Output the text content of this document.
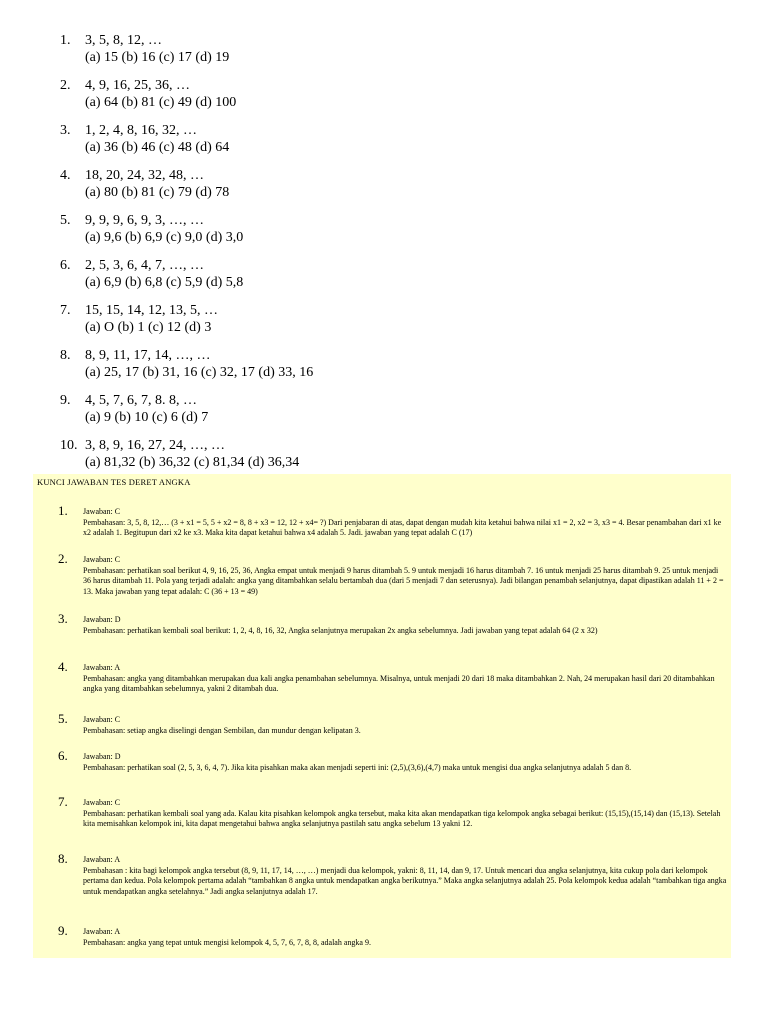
1.	3, 5, 8, 12, …
(a) 15 (b) 16 (c) 17 (d) 19
2.	4, 9, 16, 25, 36, …
(a) 64 (b) 81 (c) 49 (d) 100
3.	1, 2, 4, 8, 16, 32, …
(a) 36 (b) 46 (c) 48 (d) 64
4.	18, 20, 24, 32, 48, …
(a) 80 (b) 81 (c) 79 (d) 78
5.	9, 9, 9, 6, 9, 3, …, …
(a) 9,6 (b) 6,9 (c) 9,0 (d) 3,0
6.	2, 5, 3, 6, 4, 7, …, …
(a) 6,9 (b) 6,8 (c) 5,9 (d) 5,8
7.	15, 15, 14, 12, 13, 5, …
(a) O (b) 1 (c) 12 (d) 3
8.	8, 9, 11, 17, 14, …, …
(a) 25, 17 (b) 31, 16 (c) 32, 17 (d) 33, 16
9.	4, 5, 7, 6, 7, 8. 8, …
(a) 9 (b) 10 (c) 6 (d) 7
10. 3, 8, 9, 16, 27, 24, …, …
(a) 81,32 (b) 36,32 (c) 81,34 (d) 36,34
KUNCI JAWABAN TES DERET ANGKA
1.	Jawaban: C
Pembahasan: 3, 5, 8, 12,… (3 + x1 = 5, 5 + x2 = 8, 8 + x3 = 12, 12 + x4= ?) Dari penjabaran di atas, dapat dengan mudah kita ketahui bahwa nilai x1 = 2, x2 = 3, x3 = 4. Besar penambahan dari x1 ke x2 adalah 1. Begitupun dari x2 ke x3. Maka kita dapat ketahui bahwa x4 adalah 5. Jadi. jawaban yang tepat adalah C (17)
2.	Jawaban: C
Pembahasan: perhatikan soal berikut 4, 9, 16, 25, 36, Angka empat untuk menjadi 9 harus ditambah 5. 9 untuk menjadi 16 harus ditambah 7. 16 untuk menjadi 25 harus ditambah 9. 25 untuk menjadi 36 harus ditambah 11. Pola yang terjadi adalah: angka yang ditambahkan selalu bertambah dua (dari 5 menjadi 7 dan seterusnya). Jadi bilangan penambah selanjutnya, dapat dipastikan adalah 11 + 2 = 13. Maka jawaban yang tepat adalah: C (36 + 13 = 49)
3.	Jawaban: D
Pembahasan: perhatikan kembali soal berikut: 1, 2, 4, 8, 16, 32, Angka selanjutnya merupakan 2x angka sebelumnya. Jadi jawaban yang tepat adalah 64 (2 x 32)
4.	Jawaban: A
Pembahasan: angka yang ditambahkan merupakan dua kali angka penambahan sebelumnya. Misalnya, untuk menjadi 20 dari 18 maka ditambahkan 2. Nah, 24 merupakan hasil dari 20 ditambahkan angka yang ditambahkan sebelumnya, yakni 2 ditambah dua.
5.	Jawaban: C
Pembahasan: setiap angka diselingi dengan Sembilan, dan mundur dengan kelipatan 3.
6.	Jawaban: D
Pembahasan: perhatikan soal (2, 5, 3, 6, 4, 7). Jika kita pisahkan maka akan menjadi seperti ini: (2,5),(3,6),(4,7) maka untuk mengisi dua angka selanjutnya adalah 5 dan 8.
7.	Jawaban: C
Pembahasan: perhatikan kembali soal yang ada. Kalau kita pisahkan kelompok angka tersebut, maka kita akan mendapatkan tiga kelompok angka sebagai berikut: (15,15),(15,14) dan (15,13). Setelah kita memisahkan kelompok ini, kita dapat mengetahui bahwa angka selanjutnya pastilah satu angka sebelum 13 yakni 12.
8.	Jawaban: A
Pembahasan : kita bagi kelompok angka tersebut (8, 9, 11, 17, 14, …, …) menjadi dua kelompok, yakni: 8, 11, 14, dan 9, 17. Untuk mencari dua angka selanjutnya, kita cukup pola dari kelompok pertama dan kedua. Pola kelompok pertama adalah “tambahkan 8 angka untuk mendapatkan angka berikutnya.” Maka angka selanjutnya adalah 25. Pola kelompok kedua adalah “tambahkan tiga angka untuk mendapatkan angka setelahnya.” Jadi angka selanjutnya adalah 17.
9.	Jawaban: A
Pembahasan: angka yang tepat untuk mengisi kelompok 4, 5, 7, 6, 7, 8, 8, adalah angka 9.
